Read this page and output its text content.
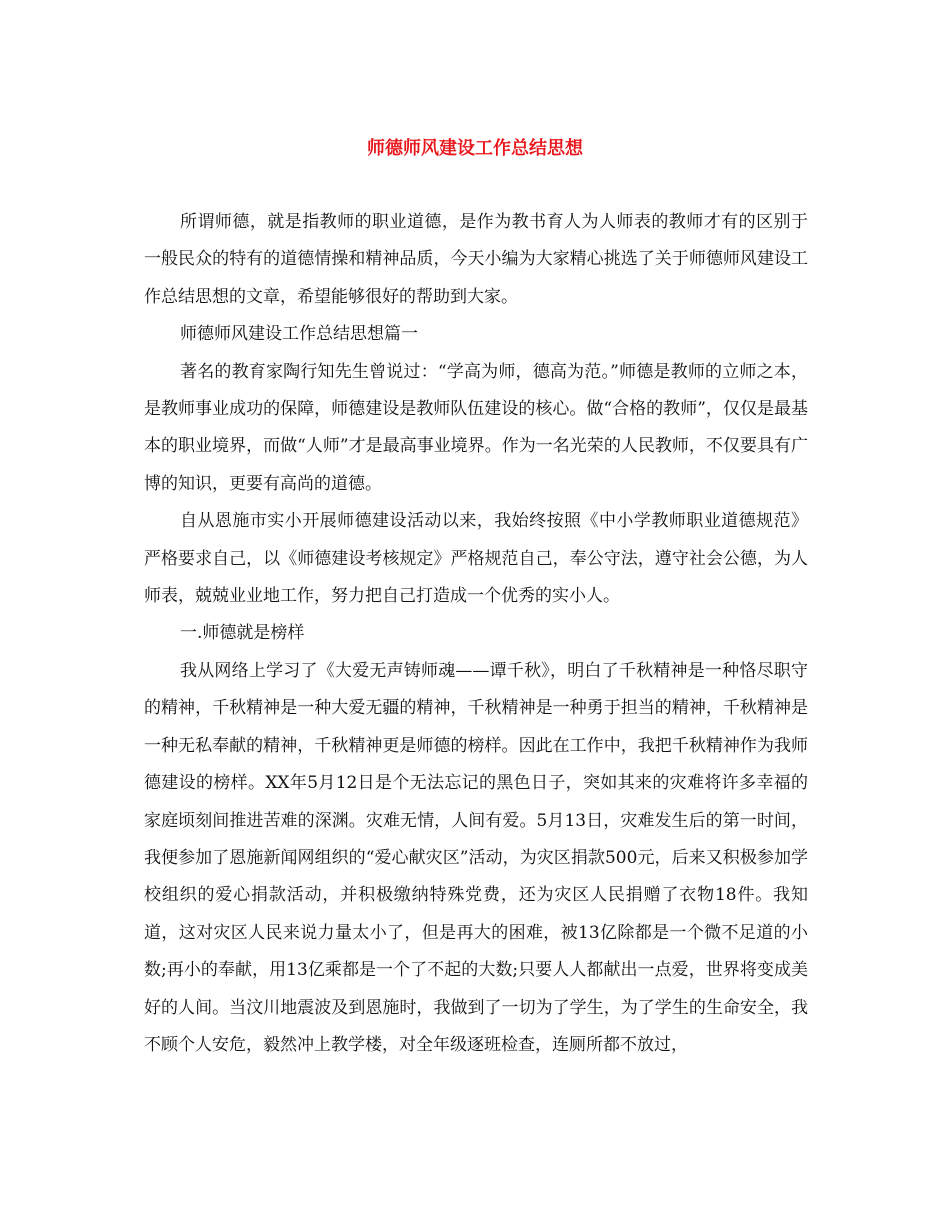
师德师风建设工作总结思想

所谓师德，就是指教师的职业道德，是作为教书育人为人师表的教师才有的区别于一般民众的特有的道德情操和精神品质，今天小编为大家精心挑选了关于师德师风建设工作总结思想的文章，希望能够很好的帮助到大家。

师德师风建设工作总结思想篇一

著名的教育家陶行知先生曾说过：“学高为师，德高为范。”师德是教师的立师之本，是教师事业成功的保障，师德建设是教师队伍建设的核心。做“合格的教师”，仅仅是最基本的职业境界，而做“人师”才是最高事业境界。作为一名光荣的人民教师，不仅要具有广博的知识，更要有高尚的道德。

自从恩施市实小开展师德建设活动以来，我始终按照《中小学教师职业道德规范》严格要求自己，以《师德建设考核规定》严格规范自己，奉公守法，遵守社会公德，为人师表，兢兢业业地工作，努力把自己打造成一个优秀的实小人。

一.师德就是榜样

我从网络上学习了《大爱无声铸师魂——谭千秋》，明白了千秋精神是一种恪尽职守的精神，千秋精神是一种大爱无疆的精神，千秋精神是一种勇于担当的精神，千秋精神是一种无私奉献的精神，千秋精神更是师德的榜样。因此在工作中，我把千秋精神作为我师德建设的榜样。XX年5月12日是个无法忘记的黑色日子，突如其来的灾难将许多幸福的家庭顷刻间推进苦难的深渊。灾难无情，人间有爱。5月13日，灾难发生后的第一时间，我便参加了恩施新闻网组织的“爱心献灾区”活动，为灾区捐款500元，后来又积极参加学校组织的爱心捐款活动，并积极缴纳特殊党费，还为灾区人民捐赠了衣物18件。我知道，这对灾区人民来说力量太小了，但是再大的困难，被13亿除都是一个微不足道的小数;再小的奉献，用13亿乘都是一个了不起的大数;只要人人都献出一点爱，世界将变成美好的人间。当汶川地震波及到恩施时，我做到了一切为了学生，为了学生的生命安全，我不顾个人安危，毅然冲上教学楼，对全年级逐班检查，连厕所都不放过，
